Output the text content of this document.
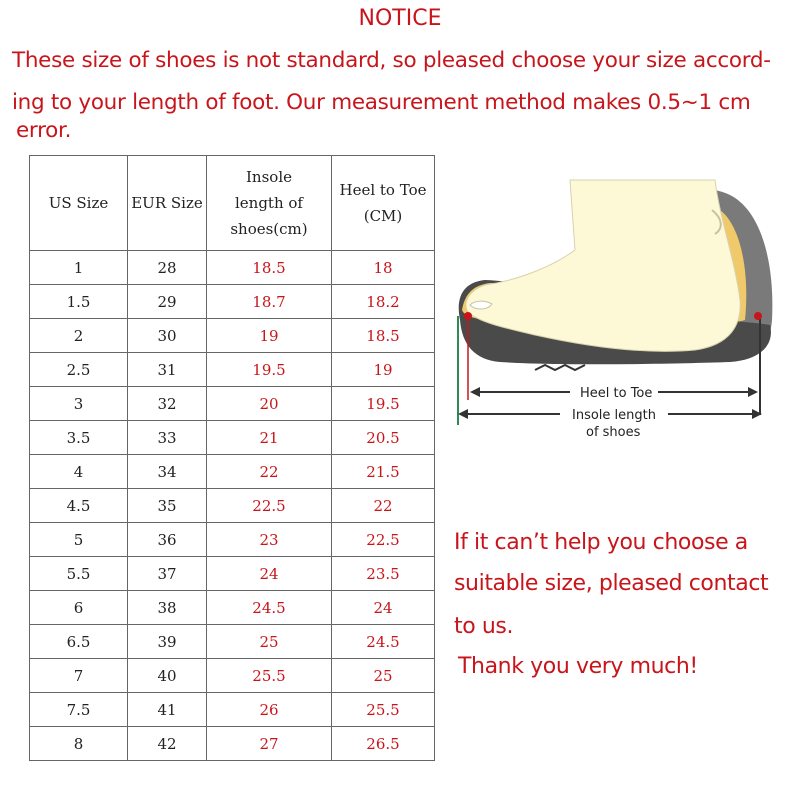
NOTICE
These size of shoes is not standard, so pleased choose your size accord-
ing to your length of foot. Our measurement method makes 0.5~1 cm
error.
US Size	EUR Size	Insole
length of
shoes(cm)	Heel to Toe
(CM)
1	28	18.5	18
1.5	29	18.7	18.2
2	30	19	18.5
2.5	31	19.5	19
3	32	20	19.5
3.5	33	21	20.5
4	34	22	21.5
4.5	35	22.5	22
5	36	23	22.5
5.5	37	24	23.5
6	38	24.5	24
6.5	39	25	24.5
7	40	25.5	25
7.5	41	26	25.5
8	42	27	26.5
Heel to Toe
Insole length
of shoes
If it can’t help you choose a
suitable size, pleased contact
to us.
Thank you very much!
